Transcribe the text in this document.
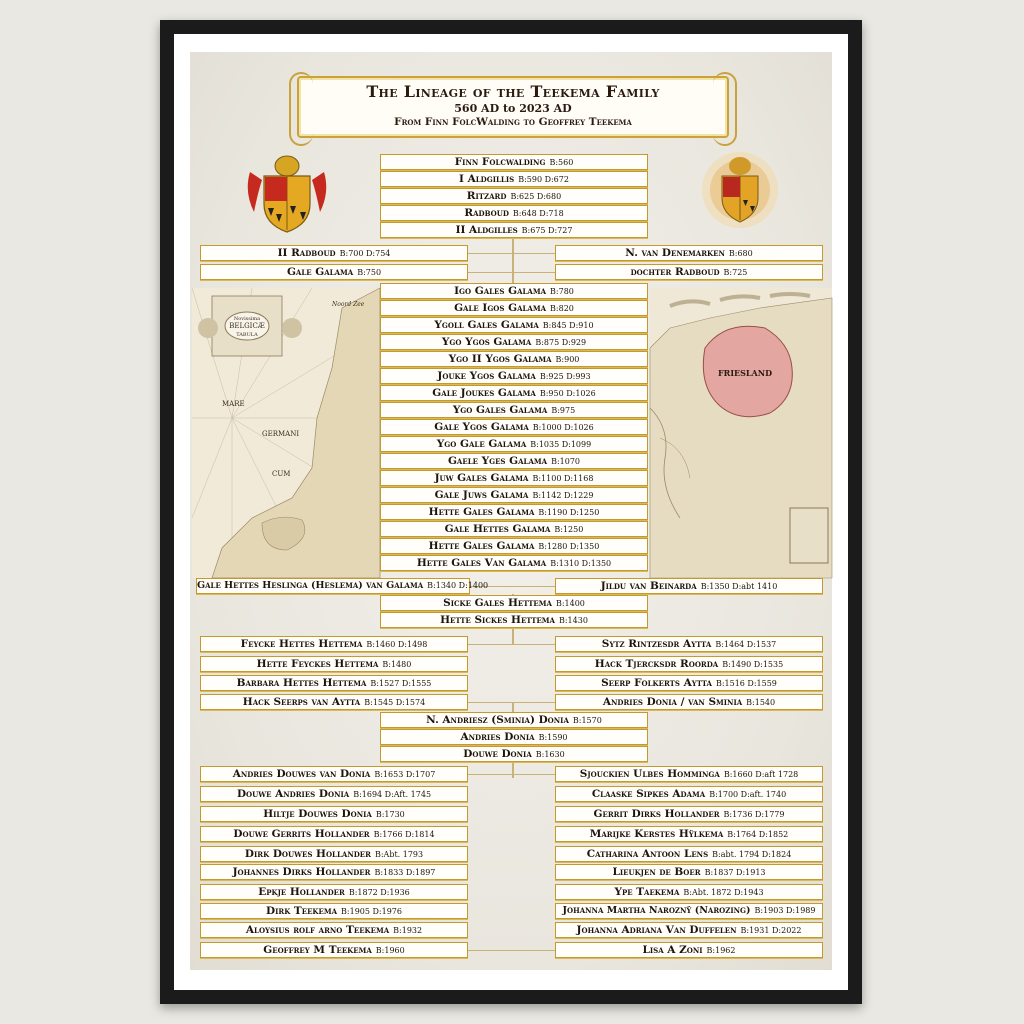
Novissima
BELGICÆ
TABULA
MARE
GERMANI
CUM
Noord Zee
FRIESLAND
The Lineage of the Teekema Family
560 AD to 2023 AD
From Finn FolcWalding to Geoffrey Teekema
Finn Folcwalding B:560
I Aldgillis B:590 D:672
Ritzard B:625 D:680
Radboud B:648 D:718
II Aldgilles B:675 D:727
II Radboud B:700 D:754	N. van Denemarken B:680
Gale Galama B:750	dochter Radboud B:725
Igo Gales Galama B:780
Gale Igos Galama B:820
Ygoll Gales Galama B:845 D:910
Ygo Ygos Galama B:875 D:929
Ygo II Ygos Galama B:900
Jouke Ygos Galama B:925 D:993
Gale Joukes Galama B:950 D:1026
Ygo Gales Galama B:975
Gale Ygos Galama B:1000 D:1026
Ygo Gale Galama B:1035 D:1099
Gaele Yges Galama B:1070
Juw Gales Galama B:1100 D:1168
Gale Juws Galama B:1142 D:1229
Hette Gales Galama B:1190 D:1250
Gale Hettes Galama B:1250
Hette Gales Galama B:1280 D:1350
Hette Gales Van Galama B:1310 D:1350
Gale Hettes Heslinga (Heslema) van Galama B:1340 D:1400	Jildu van Beinarda B:1350 D:abt 1410
Sicke Gales Hettema B:1400
Hette Sickes Hettema B:1430
Feycke Hettes Hettema B:1460 D:1498	Sytz Rintzesdr Aytta B:1464 D:1537
Hette Feyckes Hettema B:1480	Hack Tjercksdr Roorda B:1490 D:1535
Barbara Hettes Hettema B:1527 D:1555	Seerp Folkerts Aytta B:1516 D:1559
Hack Seerps van Aytta B:1545 D:1574	Andries Donia / van Sminia B:1540
N. Andriesz (Sminia) Donia B:1570
Andries Donia B:1590
Douwe Donia B:1630
Andries Douwes van Donia B:1653 D:1707	Sjouckien Ulbes Homminga B:1660 D:aft 1728
Douwe Andries Donia B:1694 D:Aft. 1745	Claaske Sipkes Adama B:1700 D:aft. 1740
Hiltje Douwes Donia B:1730	Gerrit Dirks Hollander B:1736 D:1779
Douwe Gerrits Hollander B:1766 D:1814	Marijke Kerstes Hÿlkema B:1764 D:1852
Dirk Douwes Hollander B:Abt. 1793	Catharina Antoon Lens B:abt. 1794 D:1824
Johannes Dirks Hollander B:1833 D:1897	Lieukjen de Boer B:1837 D:1913
Epkje Hollander B:1872 D:1936	Ype Taekema B:Abt. 1872 D:1943
Dirk Teekema B:1905 D:1976	Johanna Martha Naroznÿ (Narozing) B:1903 D:1989
Aloysius rolf arno Teekema B:1932	Johanna Adriana Van Duffelen B:1931 D:2022
Geoffrey M Teekema B:1960	Lisa A Zoni B:1962
